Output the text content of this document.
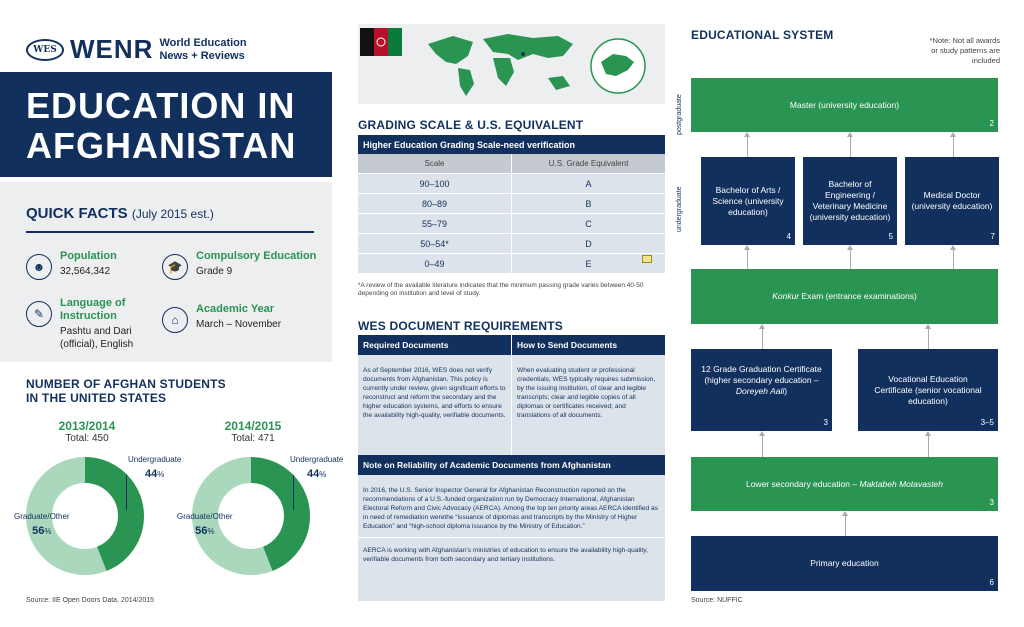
WES WENR World Education
News + Reviews
EDUCATION IN
AFGHANISTAN
QUICK FACTS (July 2015 est.)
☻
Population
32,564,342	🎓
Compulsory Education
Grade 9
✎
Language of Instruction
Pashtu and Dari (official), English
⌂
Academic Year
March – November
NUMBER OF AFGHAN STUDENTS
IN THE UNITED STATES
2013/2014
Total: 450
2014/2015
Total: 471
Undergraduate
44%
Graduate/Other
56%
Undergraduate
44%
Graduate/Other
56%
Source: IIE Open Doors Data, 2014/2015
GRADING SCALE & U.S. EQUIVALENT
Higher Education Grading Scale-need verification
Scale	U.S. Grade Equivalent
90–100	A
80–89	B
55–79	C
50–54*	D
0–49	E
*A review of the available literature indicates that the minimum passing grade varies between 40-50 depending on institution and level of study.
WES DOCUMENT REQUIREMENTS
Required Documents	How to Send Documents
As of September 2016, WES does not verify documents from Afghanistan. This policy is currently under review, given significant efforts to reconstruct and reform the secondary and the higher education systems, and efforts to ensure the availability high-quality, verifiable documents.
When evaluating student or professional credentials, WES typically requires submission, by the issuing institution, of clear and legible transcripts; clear and legible copies of all diplomas or certificates received; and translations of all documents.
Note on Reliability of Academic Documents from Afghanistan
In 2016, the U.S. Senior Inspector General for Afghanistan Reconstruction reported on the recommendations of a U.S.-funded organization run by Democracy International, Afghanistan Electoral Reform and Civic Advocacy (AERCA). Among the top ten priority areas AERCA identified as in need of remediation werethe “issuance of diplomas and transcripts by the Ministry of Higher Education” and “high-school diploma issuance by the Ministry of Education.”
AERCA is working with Afghanistan’s ministries of education to ensure the availability high-quality, verifiable documents from both secondary and tertiary institutions.
EDUCATIONAL SYSTEM	*Note: Not all awards or study patterns are included
postgraduate
undergraduate
Master (university education)
2
Bachelor of Arts / Science (university education)
4
Bachelor of Engineering / Veterinary Medicine (university education)
5
Medical Doctor (university education)
7
Konkur Exam (entrance examinations)
12 Grade Graduation Certificate (higher secondary education – Doreyeh Aali)
3
Vocational Education Certificate (senior vocational education)
3–5
Lower secondary education – Maktabeh Motavasteh
3
Primary education
6
Source: NUFFIC
